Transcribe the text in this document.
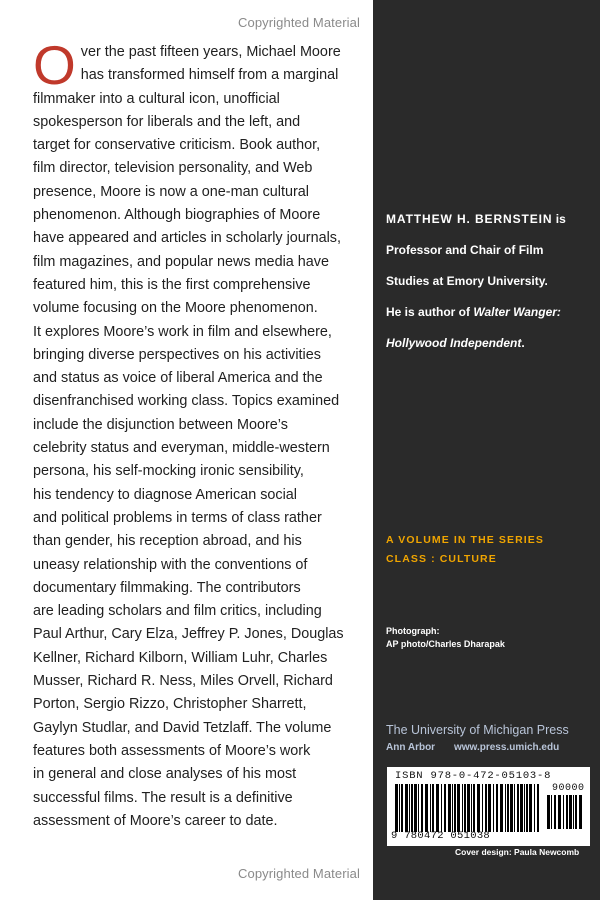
Copyrighted Material
O ver the past fifteen years, Michael Moore
has transformed himself from a marginal
filmmaker into a cultural icon, unofficial
spokesperson for liberals and the left, and
target for conservative criticism. Book author,
film director, television personality, and Web
presence, Moore is now a one-man cultural
phenomenon. Although biographies of Moore
have appeared and articles in scholarly journals,
film magazines, and popular news media have
featured him, this is the first comprehensive
volume focusing on the Moore phenomenon.
It explores Moore’s work in film and elsewhere,
bringing diverse perspectives on his activities
and status as voice of liberal America and the
disenfranchised working class. Topics examined
include the disjunction between Moore’s
celebrity status and everyman, middle-western
persona, his self-mocking ironic sensibility,
his tendency to diagnose American social
and political problems in terms of class rather
than gender, his reception abroad, and his
uneasy relationship with the conventions of
documentary filmmaking. The contributors
are leading scholars and film critics, including
Paul Arthur, Cary Elza, Jeffrey P. Jones, Douglas
Kellner, Richard Kilborn, William Luhr, Charles
Musser, Richard R. Ness, Miles Orvell, Richard
Porton, Sergio Rizzo, Christopher Sharrett,
Gaylyn Studlar, and David Tetzlaff. The volume
features both assessments of Moore’s work
in general and close analyses of his most
successful films. The result is a definitive
assessment of Moore’s career to date.
MATTHEW H. BERNSTEIN is
Professor and Chair of Film
Studies at Emory University.
He is author of Walter Wanger:
Hollywood Independent.
A VOLUME IN THE SERIES
CLASS : CULTURE
Photograph:
AP photo/Charles Dharapak
The University of Michigan Press
Ann Arbor www.press.umich.edu
ISBN 978-0-472-05103-8
90000
9 780472 051038
Cover design: Paula Newcomb
Copyrighted Material
